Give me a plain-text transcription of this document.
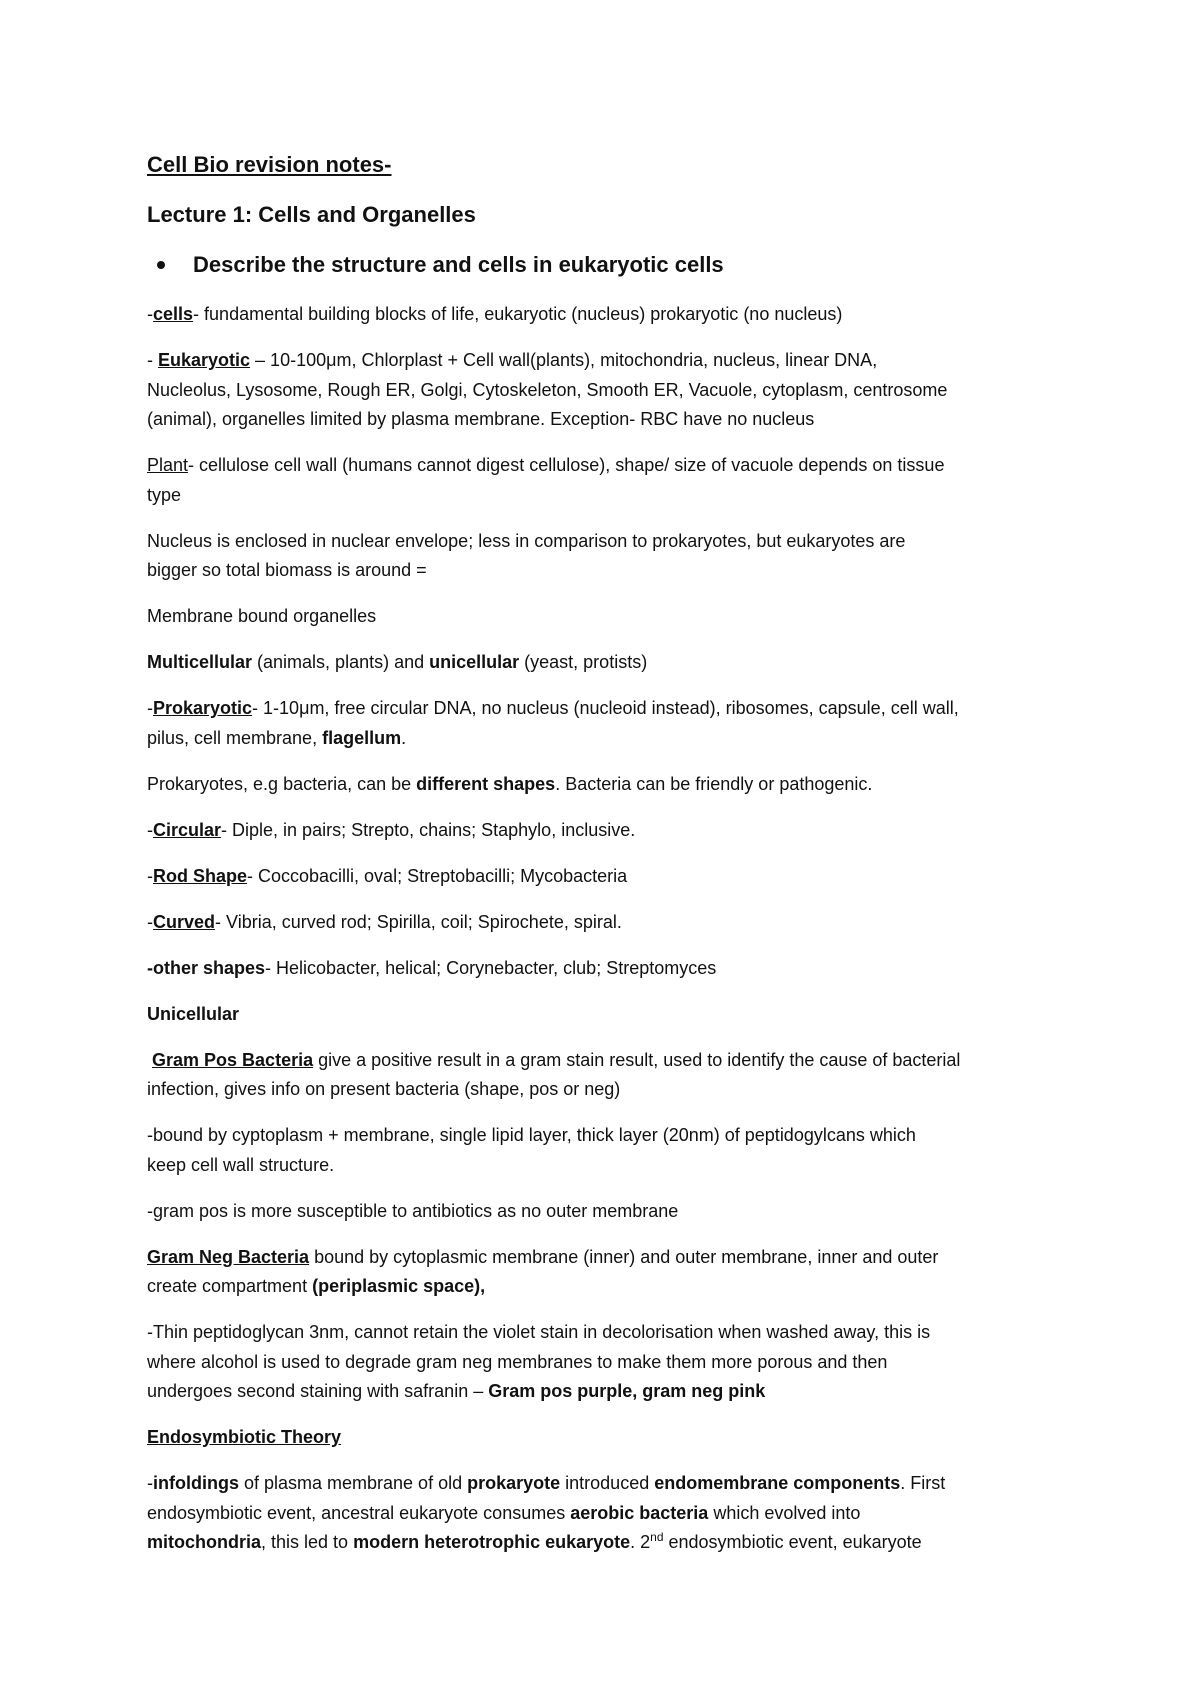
Cell Bio revision notes-
Lecture 1: Cells and Organelles
Describe the structure and cells in eukaryotic cells

-cells- fundamental building blocks of life, eukaryotic (nucleus) prokaryotic (no nucleus)

- Eukaryotic – 10-100μm, Chlorplast + Cell wall(plants), mitochondria, nucleus, linear DNA,
Nucleolus, Lysosome, Rough ER, Golgi, Cytoskeleton, Smooth ER, Vacuole, cytoplasm, centrosome
(animal), organelles limited by plasma membrane. Exception- RBC have no nucleus

Plant- cellulose cell wall (humans cannot digest cellulose), shape/ size of vacuole depends on tissue
type

Nucleus is enclosed in nuclear envelope; less in comparison to prokaryotes, but eukaryotes are
bigger so total biomass is around =

Membrane bound organelles

Multicellular (animals, plants) and unicellular (yeast, protists)

-Prokaryotic- 1-10μm, free circular DNA, no nucleus (nucleoid instead), ribosomes, capsule, cell wall,
pilus, cell membrane, flagellum.

Prokaryotes, e.g bacteria, can be different shapes. Bacteria can be friendly or pathogenic.

-Circular- Diple, in pairs; Strepto, chains; Staphylo, inclusive.

-Rod Shape- Coccobacilli, oval; Streptobacilli; Mycobacteria

-Curved- Vibria, curved rod; Spirilla, coil; Spirochete, spiral.

-other shapes- Helicobacter, helical; Corynebacter, club; Streptomyces

Unicellular

Gram Pos Bacteria give a positive result in a gram stain result, used to identify the cause of bacterial
infection, gives info on present bacteria (shape, pos or neg)

-bound by cyptoplasm + membrane, single lipid layer, thick layer (20nm) of peptidogylcans which
keep cell wall structure.

-gram pos is more susceptible to antibiotics as no outer membrane

Gram Neg Bacteria bound by cytoplasmic membrane (inner) and outer membrane, inner and outer
create compartment (periplasmic space),

-Thin peptidoglycan 3nm, cannot retain the violet stain in decolorisation when washed away, this is
where alcohol is used to degrade gram neg membranes to make them more porous and then
undergoes second staining with safranin – Gram pos purple, gram neg pink

Endosymbiotic Theory

-infoldings of plasma membrane of old prokaryote introduced endomembrane components. First
endosymbiotic event, ancestral eukaryote consumes aerobic bacteria which evolved into
mitochondria, this led to modern heterotrophic eukaryote. 2nd endosymbiotic event, eukaryote
